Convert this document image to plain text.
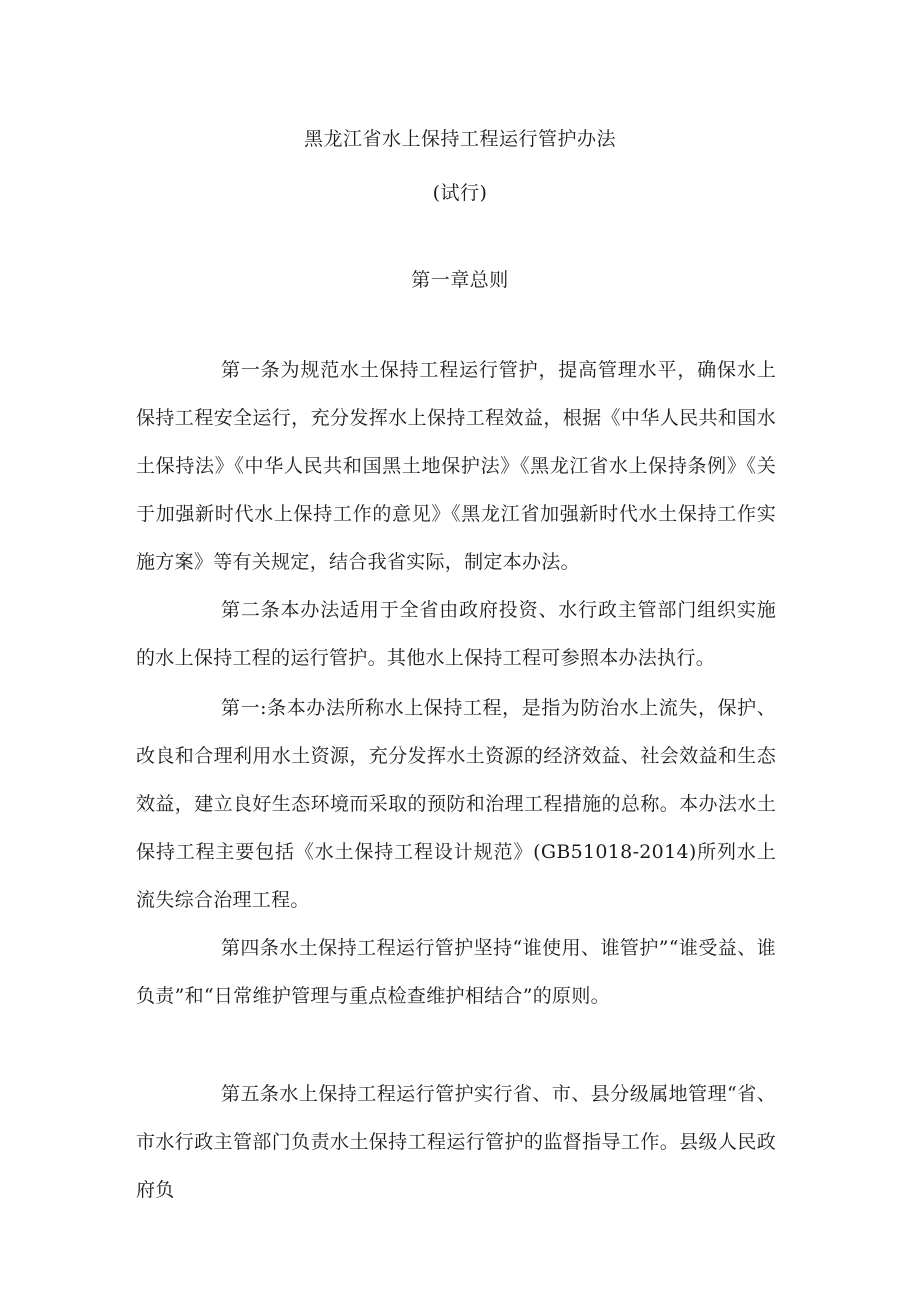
黑龙江省水上保持工程运行管护办法
(试行)
第一章总则

第一条为规范水土保持工程运行管护，提高管理水平，确保水上保持工程安全运行，充分发挥水上保持工程效益，根据《中华人民共和国水土保持法》《中华人民共和国黑土地保护法》《黑龙江省水上保持条例》《关于加强新时代水上保持工作的意见》《黑龙江省加强新时代水土保持工作实施方案》等有关规定，结合我省实际，制定本办法。

第二条本办法适用于全省由政府投资、水行政主管部门组织实施的水上保持工程的运行管护。其他水上保持工程可参照本办法执行。

第一:条本办法所称水上保持工程，是指为防治水上流失，保护、改良和合理利用水土资源，充分发挥水土资源的经济效益、社会效益和生态效益，建立良好生态环境而采取的预防和治理工程措施的总称。本办法水土保持工程主要包括《水土保持工程设计规范》(GB51018-2014)所列水上流失综合治理工程。

第四条水土保持工程运行管护坚持“谁使用、谁管护”“谁受益、谁负责”和“日常维护管理与重点检查维护相结合”的原则。

第五条水上保持工程运行管护实行省、市、县分级属地管理“省、市水行政主管部门负责水土保持工程运行管护的监督指导工作。县级人民政府负
